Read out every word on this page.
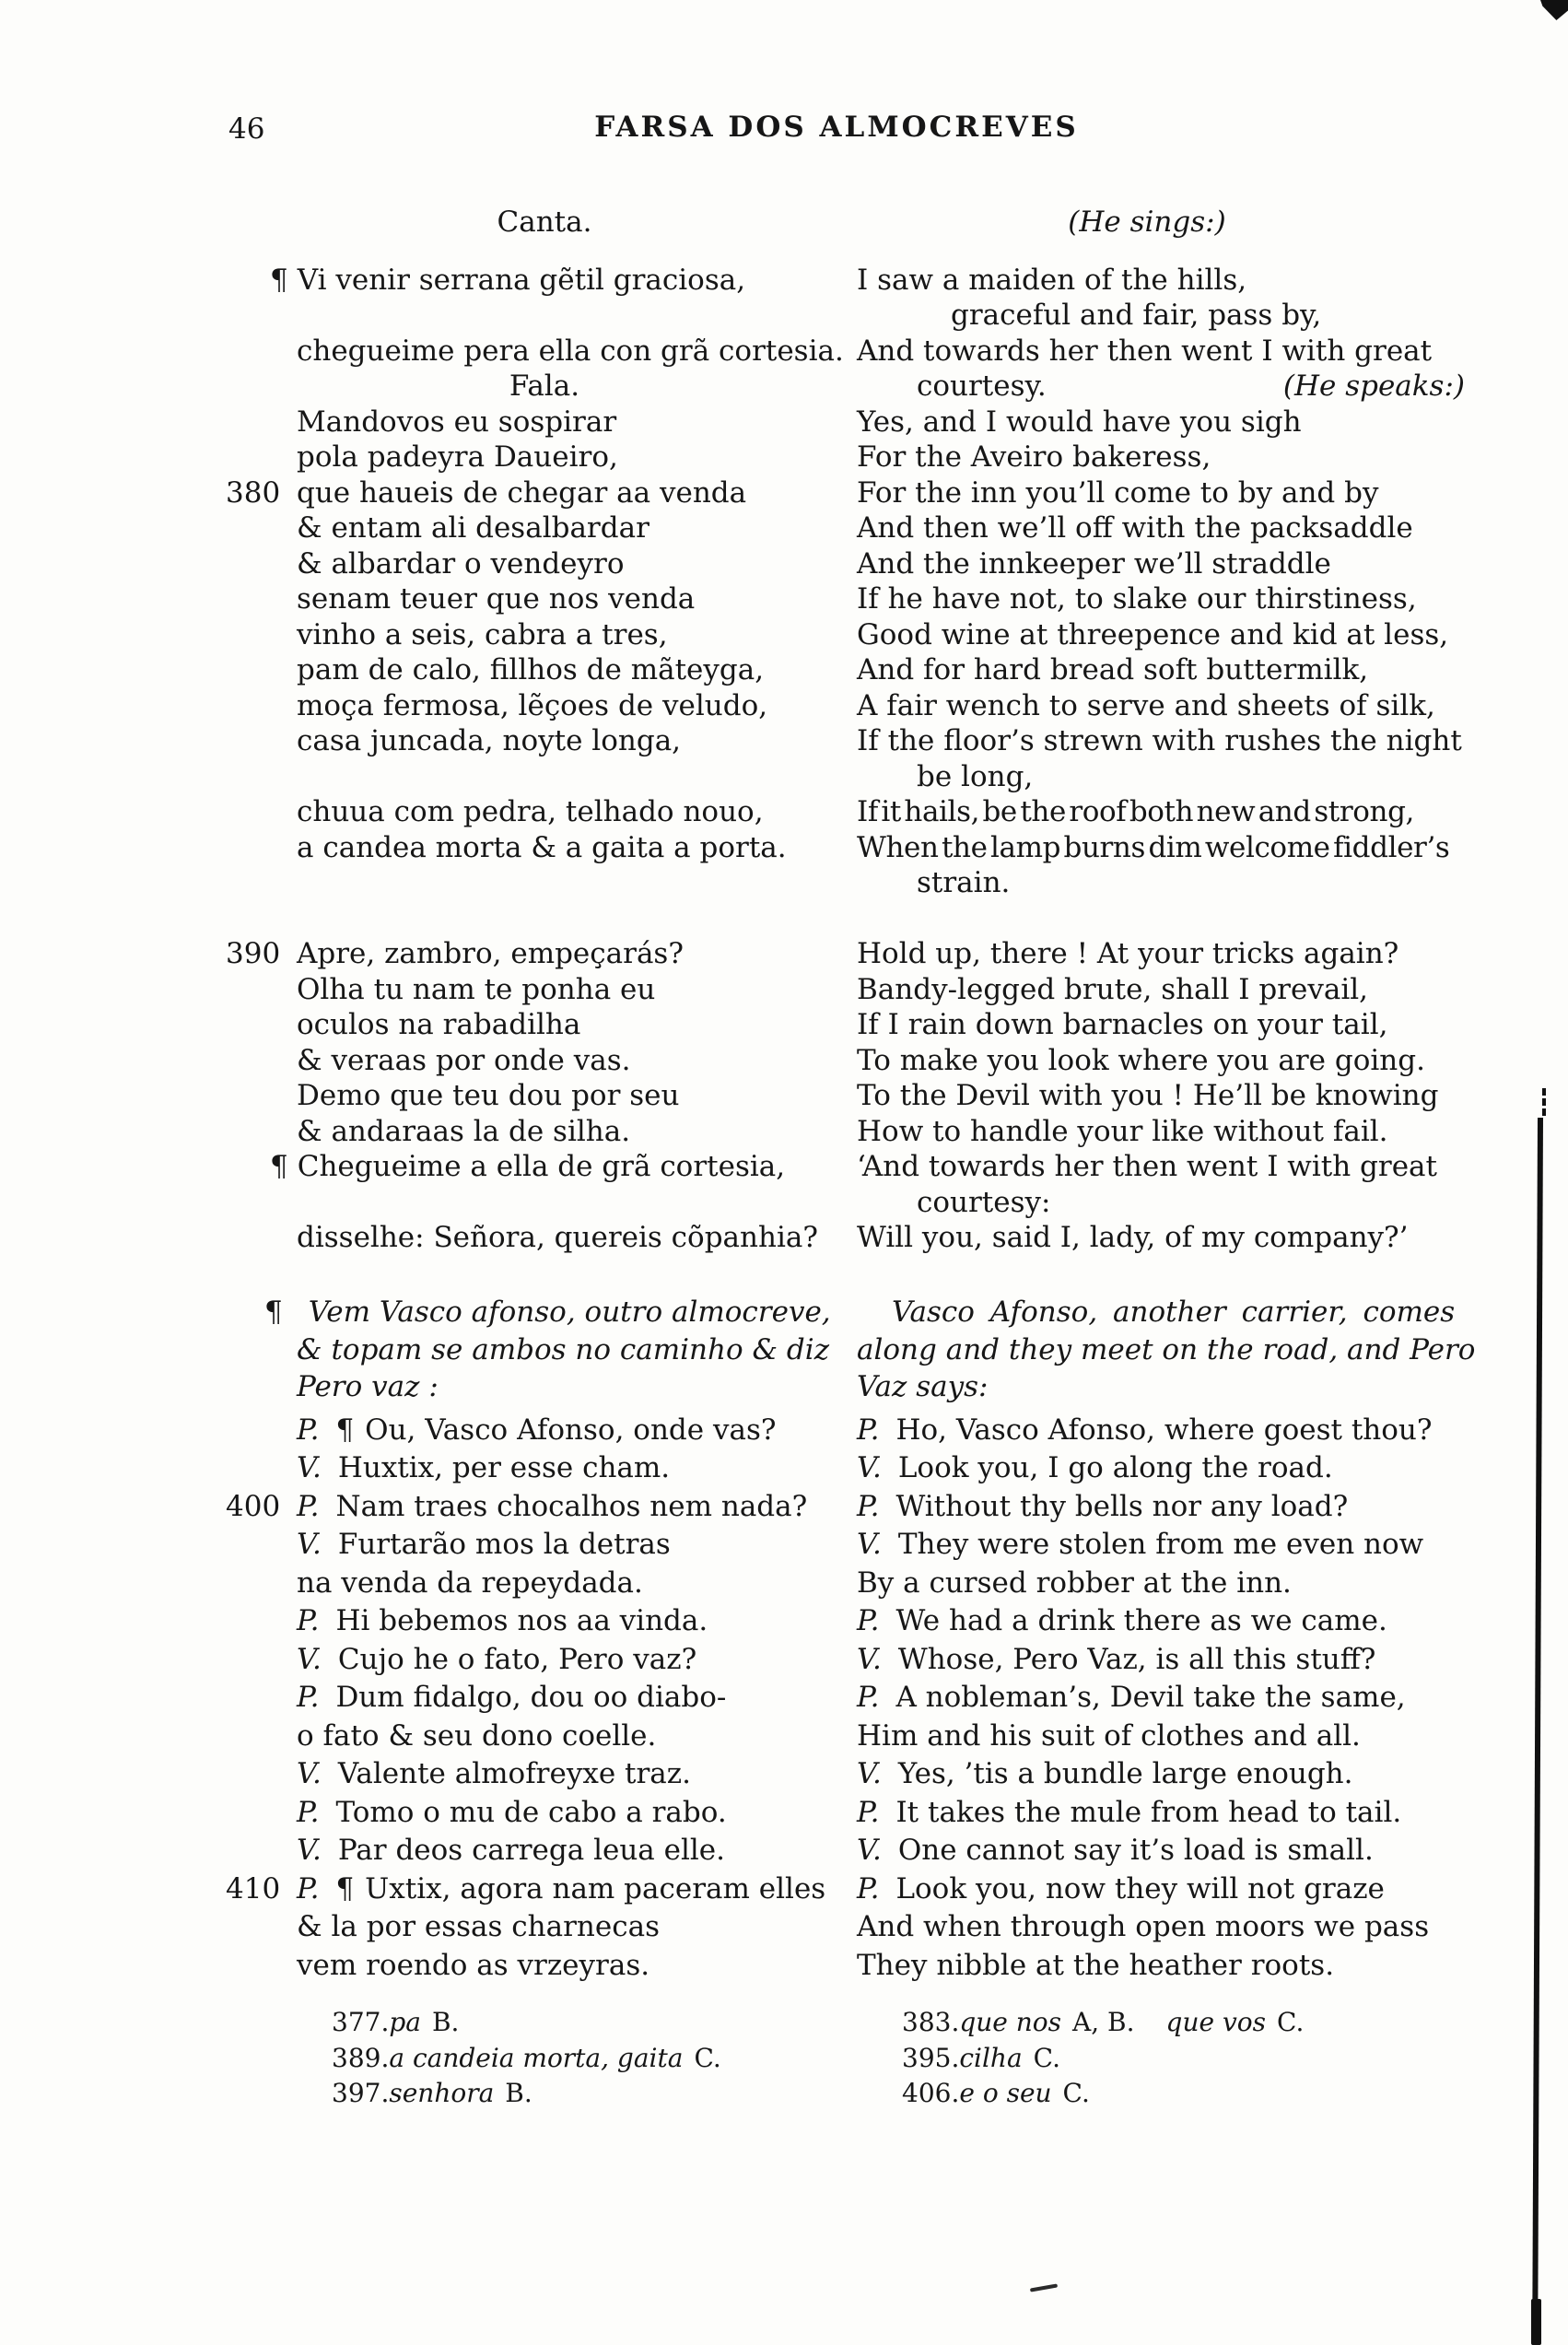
46	FARSA DOS ALMOCREVES
Canta.
¶ Vi venir serrana gẽtil graciosa,
chegueime pera ella con grã cortesia.
Fala.
Mandovos eu sospirar
pola padeyra Daueiro,
380 que haueis de chegar aa venda
& entam ali desalbardar
& albardar o vendeyro
senam teuer que nos venda
vinho a seis, cabra a tres,
pam de calo, fillhos de mãteyga,
moça fermosa, lẽçoes de veludo,
casa juncada, noyte longa,
chuua com pedra, telhado nouo,
a candea morta & a gaita a porta.
390 Apre, zambro, empeçarás?
Olha tu nam te ponha eu
oculos na rabadilha
& veraas por onde vas.
Demo que teu dou por seu
& andaraas la de silha.
¶ Chegueime a ella de grã cortesia,
disselhe: Señora, quereis cõpanhia?
¶ Vem Vasco afonso, outro almocreve,
& topam se ambos no caminho & diz
Pero vaz :
P. ¶ Ou, Vasco Afonso, onde vas?
V. Huxtix, per esse cham.
400 P. Nam traes chocalhos nem nada?
V. Furtarão mos la detras
na venda da repeydada.
P. Hi bebemos nos aa vinda.
V. Cujo he o fato, Pero vaz?
P. Dum fidalgo, dou oo diabo-
o fato & seu dono coelle.
V. Valente almofreyxe traz.
P. Tomo o mu de cabo a rabo.
V. Par deos carrega leua elle.
410 P. ¶ Uxtix, agora nam paceram elles
& la por essas charnecas
vem roendo as vrzeyras.
(He sings:)
I saw a maiden of the hills,
graceful and fair, pass by,
And towards her then went I with great
courtesy.	(He speaks:)
Yes, and I would have you sigh
For the Aveiro bakeress,
For the inn you’ll come to by and by
And then we’ll off with the packsaddle
And the innkeeper we’ll straddle
If he have not, to slake our thirstiness,
Good wine at threepence and kid at less,
And for hard bread soft buttermilk,
A fair wench to serve and sheets of silk,
If the floor’s strewn with rushes the night
be long,
If it hails, be the roof both new and strong,
When the lamp burns dim welcome fiddler’s
strain.
Hold up, there ! At your tricks again?
Bandy-legged brute, shall I prevail,
If I rain down barnacles on your tail,
To make you look where you are going.
To the Devil with you ! He’ll be knowing
How to handle your like without fail.
‘And towards her then went I with great
courtesy:
Will you, said I, lady, of my company?’
Vasco Afonso, another carrier, comes
along and they meet on the road, and Pero
Vaz says:
P. Ho, Vasco Afonso, where goest thou?
V. Look you, I go along the road.
P. Without thy bells nor any load?
V. They were stolen from me even now
By a cursed robber at the inn.
P. We had a drink there as we came.
V. Whose, Pero Vaz, is all this stuff?
P. A nobleman’s, Devil take the same,
Him and his suit of clothes and all.
V. Yes, ’tis a bundle large enough.
P. It takes the mule from head to tail.
V. One cannot say it’s load is small.
P. Look you, now they will not graze
And when through open moors we pass
They nibble at the heather roots.
377.pa B.
389.a candeia morta, gaita C.
397.senhora B.
383.que nos A, B. que vos C.
395.cilha C.
406.e o seu C.
